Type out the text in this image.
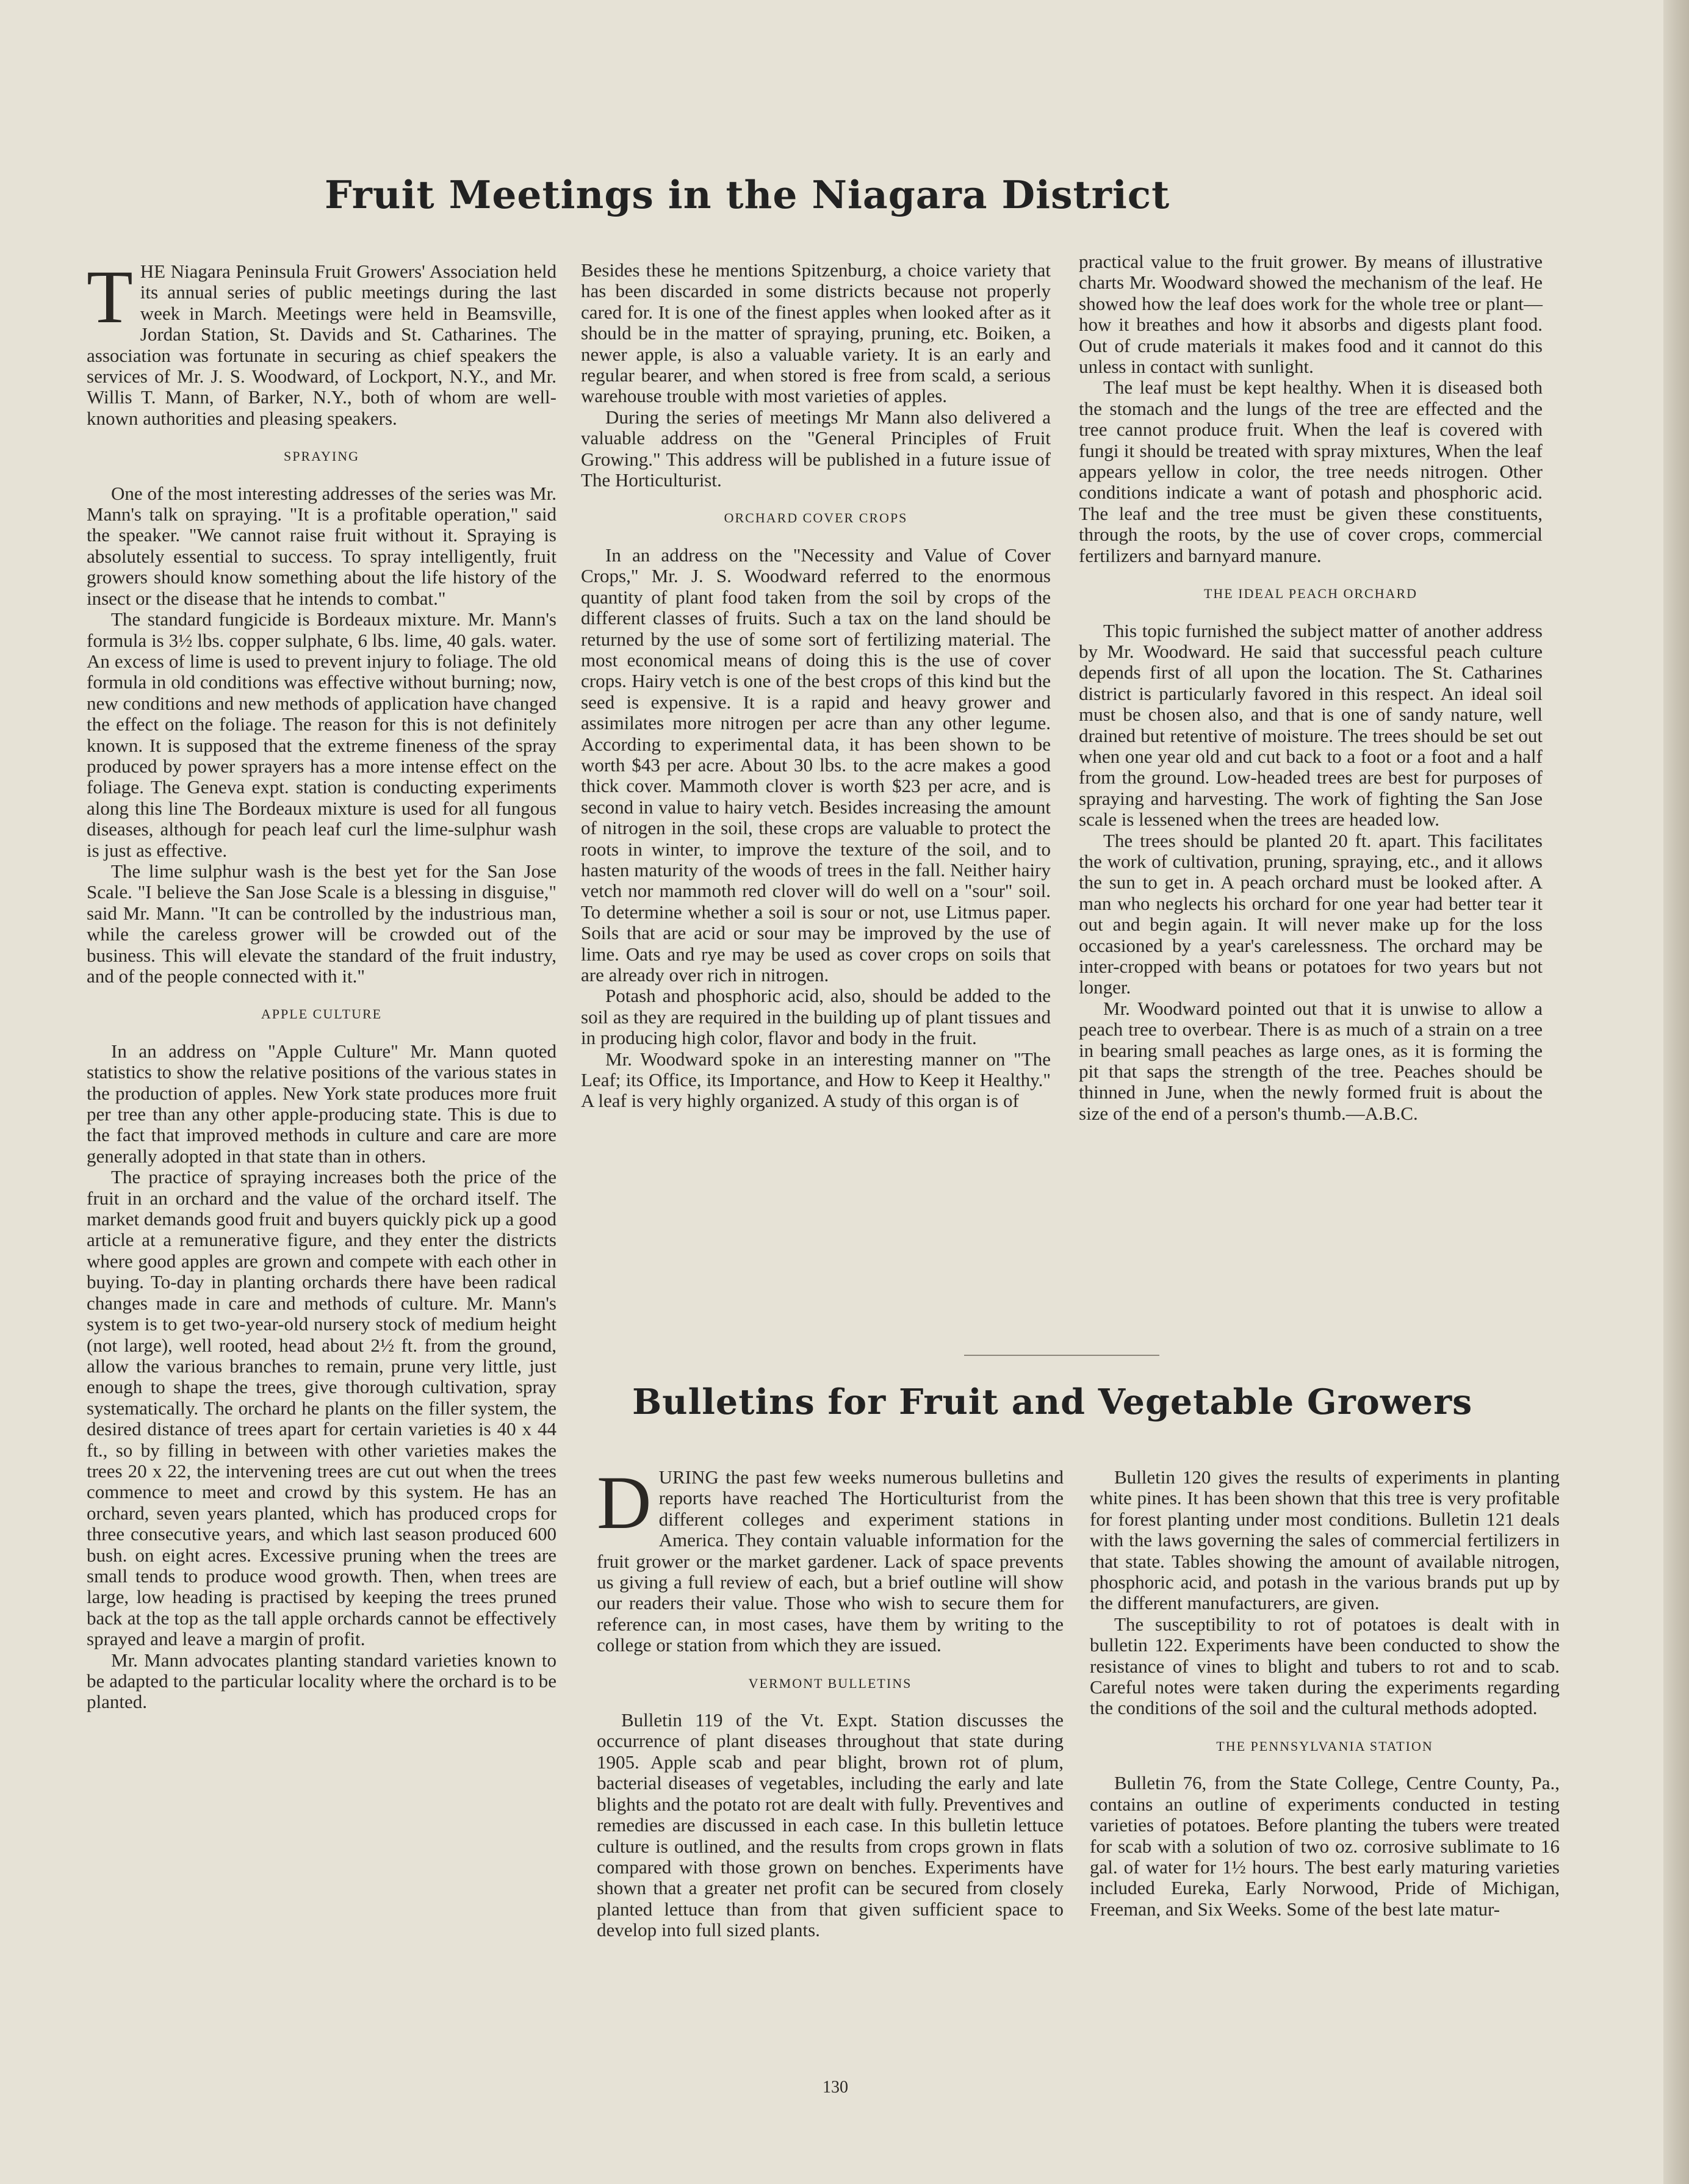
Fruit Meetings in the Niagara District

THE Niagara Peninsula Fruit Growers' Association held its annual series of public meetings during the last week in March. Meetings were held in Beamsville, Jordan Station, St. Davids and St. Catharines. The association was fortunate in securing as chief speakers the services of Mr. J. S. Woodward, of Lockport, N.Y., and Mr. Willis T. Mann, of Barker, N.Y., both of whom are well-known authorities and pleasing speakers.

SPRAYING

One of the most interesting addresses of the series was Mr. Mann's talk on spraying. "It is a profitable operation," said the speaker. "We cannot raise fruit without it. Spraying is absolutely essential to success. To spray intelligently, fruit growers should know something about the life history of the insect or the disease that he intends to combat."

The standard fungicide is Bordeaux mixture. Mr. Mann's formula is 3½ lbs. copper sulphate, 6 lbs. lime, 40 gals. water. An excess of lime is used to prevent injury to foliage. The old formula in old conditions was effective without burning; now, new conditions and new methods of application have changed the effect on the foliage. The reason for this is not definitely known. It is supposed that the extreme fineness of the spray produced by power sprayers has a more intense effect on the foliage. The Geneva expt. station is conducting experiments along this line The Bordeaux mixture is used for all fungous diseases, although for peach leaf curl the lime-sulphur wash is just as effective.

The lime sulphur wash is the best yet for the San Jose Scale. "I believe the San Jose Scale is a blessing in disguise," said Mr. Mann. "It can be controlled by the industrious man, while the careless grower will be crowded out of the business. This will elevate the standard of the fruit industry, and of the people connected with it."

APPLE CULTURE

In an address on "Apple Culture" Mr. Mann quoted statistics to show the relative positions of the various states in the production of apples. New York state produces more fruit per tree than any other apple-producing state. This is due to the fact that improved methods in culture and care are more generally adopted in that state than in others.

The practice of spraying increases both the price of the fruit in an orchard and the value of the orchard itself. The market demands good fruit and buyers quickly pick up a good article at a remunerative figure, and they enter the districts where good apples are grown and compete with each other in buying. To-day in planting orchards there have been radical changes made in care and methods of culture. Mr. Mann's system is to get two-year-old nursery stock of medium height (not large), well rooted, head about 2½ ft. from the ground, allow the various branches to remain, prune very little, just enough to shape the trees, give thorough cultivation, spray systematically. The orchard he plants on the filler system, the desired distance of trees apart for certain varieties is 40 x 44 ft., so by filling in between with other varieties makes the trees 20 x 22, the intervening trees are cut out when the trees commence to meet and crowd by this system. He has an orchard, seven years planted, which has produced crops for three consecutive years, and which last season produced 600 bush. on eight acres. Excessive pruning when the trees are small tends to produce wood growth. Then, when trees are large, low heading is practised by keeping the trees pruned back at the top as the tall apple orchards cannot be effectively sprayed and leave a margin of profit.

Mr. Mann advocates planting standard varieties known to be adapted to the particular locality where the orchard is to be planted.

Besides these he mentions Spitzenburg, a choice variety that has been discarded in some districts because not properly cared for. It is one of the finest apples when looked after as it should be in the matter of spraying, pruning, etc. Boiken, a newer apple, is also a valuable variety. It is an early and regular bearer, and when stored is free from scald, a serious warehouse trouble with most varieties of apples.

During the series of meetings Mr Mann also delivered a valuable address on the "General Principles of Fruit Growing." This address will be published in a future issue of The Horticulturist.

ORCHARD COVER CROPS

In an address on the "Necessity and Value of Cover Crops," Mr. J. S. Woodward referred to the enormous quantity of plant food taken from the soil by crops of the different classes of fruits. Such a tax on the land should be returned by the use of some sort of fertilizing material. The most economical means of doing this is the use of cover crops. Hairy vetch is one of the best crops of this kind but the seed is expensive. It is a rapid and heavy grower and assimilates more nitrogen per acre than any other legume. According to experimental data, it has been shown to be worth $43 per acre. About 30 lbs. to the acre makes a good thick cover. Mammoth clover is worth $23 per acre, and is second in value to hairy vetch. Besides increasing the amount of nitrogen in the soil, these crops are valuable to protect the roots in winter, to improve the texture of the soil, and to hasten maturity of the woods of trees in the fall. Neither hairy vetch nor mammoth red clover will do well on a "sour" soil. To determine whether a soil is sour or not, use Litmus paper. Soils that are acid or sour may be improved by the use of lime. Oats and rye may be used as cover crops on soils that are already over rich in nitrogen.

Potash and phosphoric acid, also, should be added to the soil as they are required in the building up of plant tissues and in producing high color, flavor and body in the fruit.

Mr. Woodward spoke in an interesting manner on "The Leaf; its Office, its Importance, and How to Keep it Healthy." A leaf is very highly organized. A study of this organ is of

practical value to the fruit grower. By means of illustrative charts Mr. Woodward showed the mechanism of the leaf. He showed how the leaf does work for the whole tree or plant—how it breathes and how it absorbs and digests plant food. Out of crude materials it makes food and it cannot do this unless in contact with sunlight.

The leaf must be kept healthy. When it is diseased both the stomach and the lungs of the tree are effected and the tree cannot produce fruit. When the leaf is covered with fungi it should be treated with spray mixtures, When the leaf appears yellow in color, the tree needs nitrogen. Other conditions indicate a want of potash and phosphoric acid. The leaf and the tree must be given these constituents, through the roots, by the use of cover crops, commercial fertilizers and barnyard manure.

THE IDEAL PEACH ORCHARD

This topic furnished the subject matter of another address by Mr. Woodward. He said that successful peach culture depends first of all upon the location. The St. Catharines district is particularly favored in this respect. An ideal soil must be chosen also, and that is one of sandy nature, well drained but retentive of moisture. The trees should be set out when one year old and cut back to a foot or a foot and a half from the ground. Low-headed trees are best for purposes of spraying and harvesting. The work of fighting the San Jose scale is lessened when the trees are headed low.

The trees should be planted 20 ft. apart. This facilitates the work of cultivation, pruning, spraying, etc., and it allows the sun to get in. A peach orchard must be looked after. A man who neglects his orchard for one year had better tear it out and begin again. It will never make up for the loss occasioned by a year's carelessness. The orchard may be inter-cropped with beans or potatoes for two years but not longer.

Mr. Woodward pointed out that it is unwise to allow a peach tree to overbear. There is as much of a strain on a tree in bearing small peaches as large ones, as it is forming the pit that saps the strength of the tree. Peaches should be thinned in June, when the newly formed fruit is about the size of the end of a person's thumb.—A.B.C.

Bulletins for Fruit and Vegetable Growers

DURING the past few weeks numerous bulletins and reports have reached The Horticulturist from the different colleges and experiment stations in America. They contain valuable information for the fruit grower or the market gardener. Lack of space prevents us giving a full review of each, but a brief outline will show our readers their value. Those who wish to secure them for reference can, in most cases, have them by writing to the college or station from which they are issued.

VERMONT BULLETINS

Bulletin 119 of the Vt. Expt. Station discusses the occurrence of plant diseases throughout that state during 1905. Apple scab and pear blight, brown rot of plum, bacterial diseases of vegetables, including the early and late blights and the potato rot are dealt with fully. Preventives and remedies are discussed in each case. In this bulletin lettuce culture is outlined, and the results from crops grown in flats compared with those grown on benches. Experiments have shown that a greater net profit can be secured from closely planted lettuce than from that given sufficient space to develop into full sized plants.

Bulletin 120 gives the results of experiments in planting white pines. It has been shown that this tree is very profitable for forest planting under most conditions. Bulletin 121 deals with the laws governing the sales of commercial fertilizers in that state. Tables showing the amount of available nitrogen, phosphoric acid, and potash in the various brands put up by the different manufacturers, are given.

The susceptibility to rot of potatoes is dealt with in bulletin 122. Experiments have been conducted to show the resistance of vines to blight and tubers to rot and to scab. Careful notes were taken during the experiments regarding the conditions of the soil and the cultural methods adopted.

THE PENNSYLVANIA STATION

Bulletin 76, from the State College, Centre County, Pa., contains an outline of experiments conducted in testing varieties of potatoes. Before planting the tubers were treated for scab with a solution of two oz. corrosive sublimate to 16 gal. of water for 1½ hours. The best early maturing varieties included Eureka, Early Norwood, Pride of Michigan, Freeman, and Six Weeks. Some of the best late matur-

130
